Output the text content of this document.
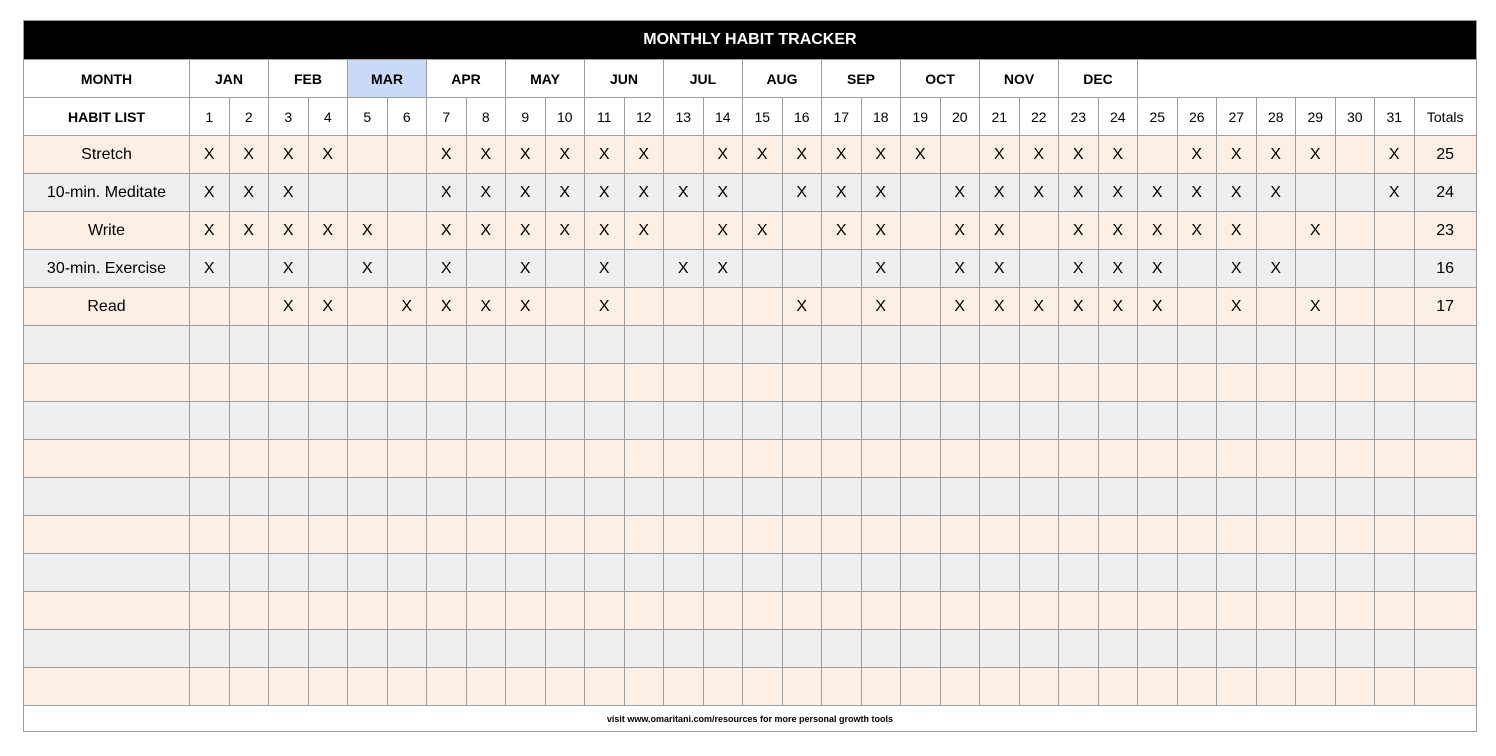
MONTHLY HABIT TRACKER																																
MONTH	JAN		FEB		MAR		APR		MAY		JUN		JUL		AUG		SEP		OCT		NOV		DEC									
HABIT LIST	1	2	3	4	5	6	7	8	9	10	11	12	13	14	15	16	17	18	19	20	21	22	23	24	25	26	27	28	29	30	31	Totals
Stretch	X	X	X	X			X	X	X	X	X	X		X	X	X	X	X	X		X	X	X	X		X	X	X	X		X	25
10-min. Meditate	X	X	X				X	X	X	X	X	X	X	X		X	X	X		X	X	X	X	X	X	X	X	X			X	24
Write	X	X	X	X	X		X	X	X	X	X	X		X	X		X	X		X	X		X	X	X	X	X		X			23
30-min. Exercise	X		X		X		X		X		X		X	X				X		X	X		X	X	X		X	X				16
Read			X	X		X	X	X	X		X					X		X		X	X	X	X	X	X		X		X			17

visit www.omaritani.com/resources for more personal growth tools																																
